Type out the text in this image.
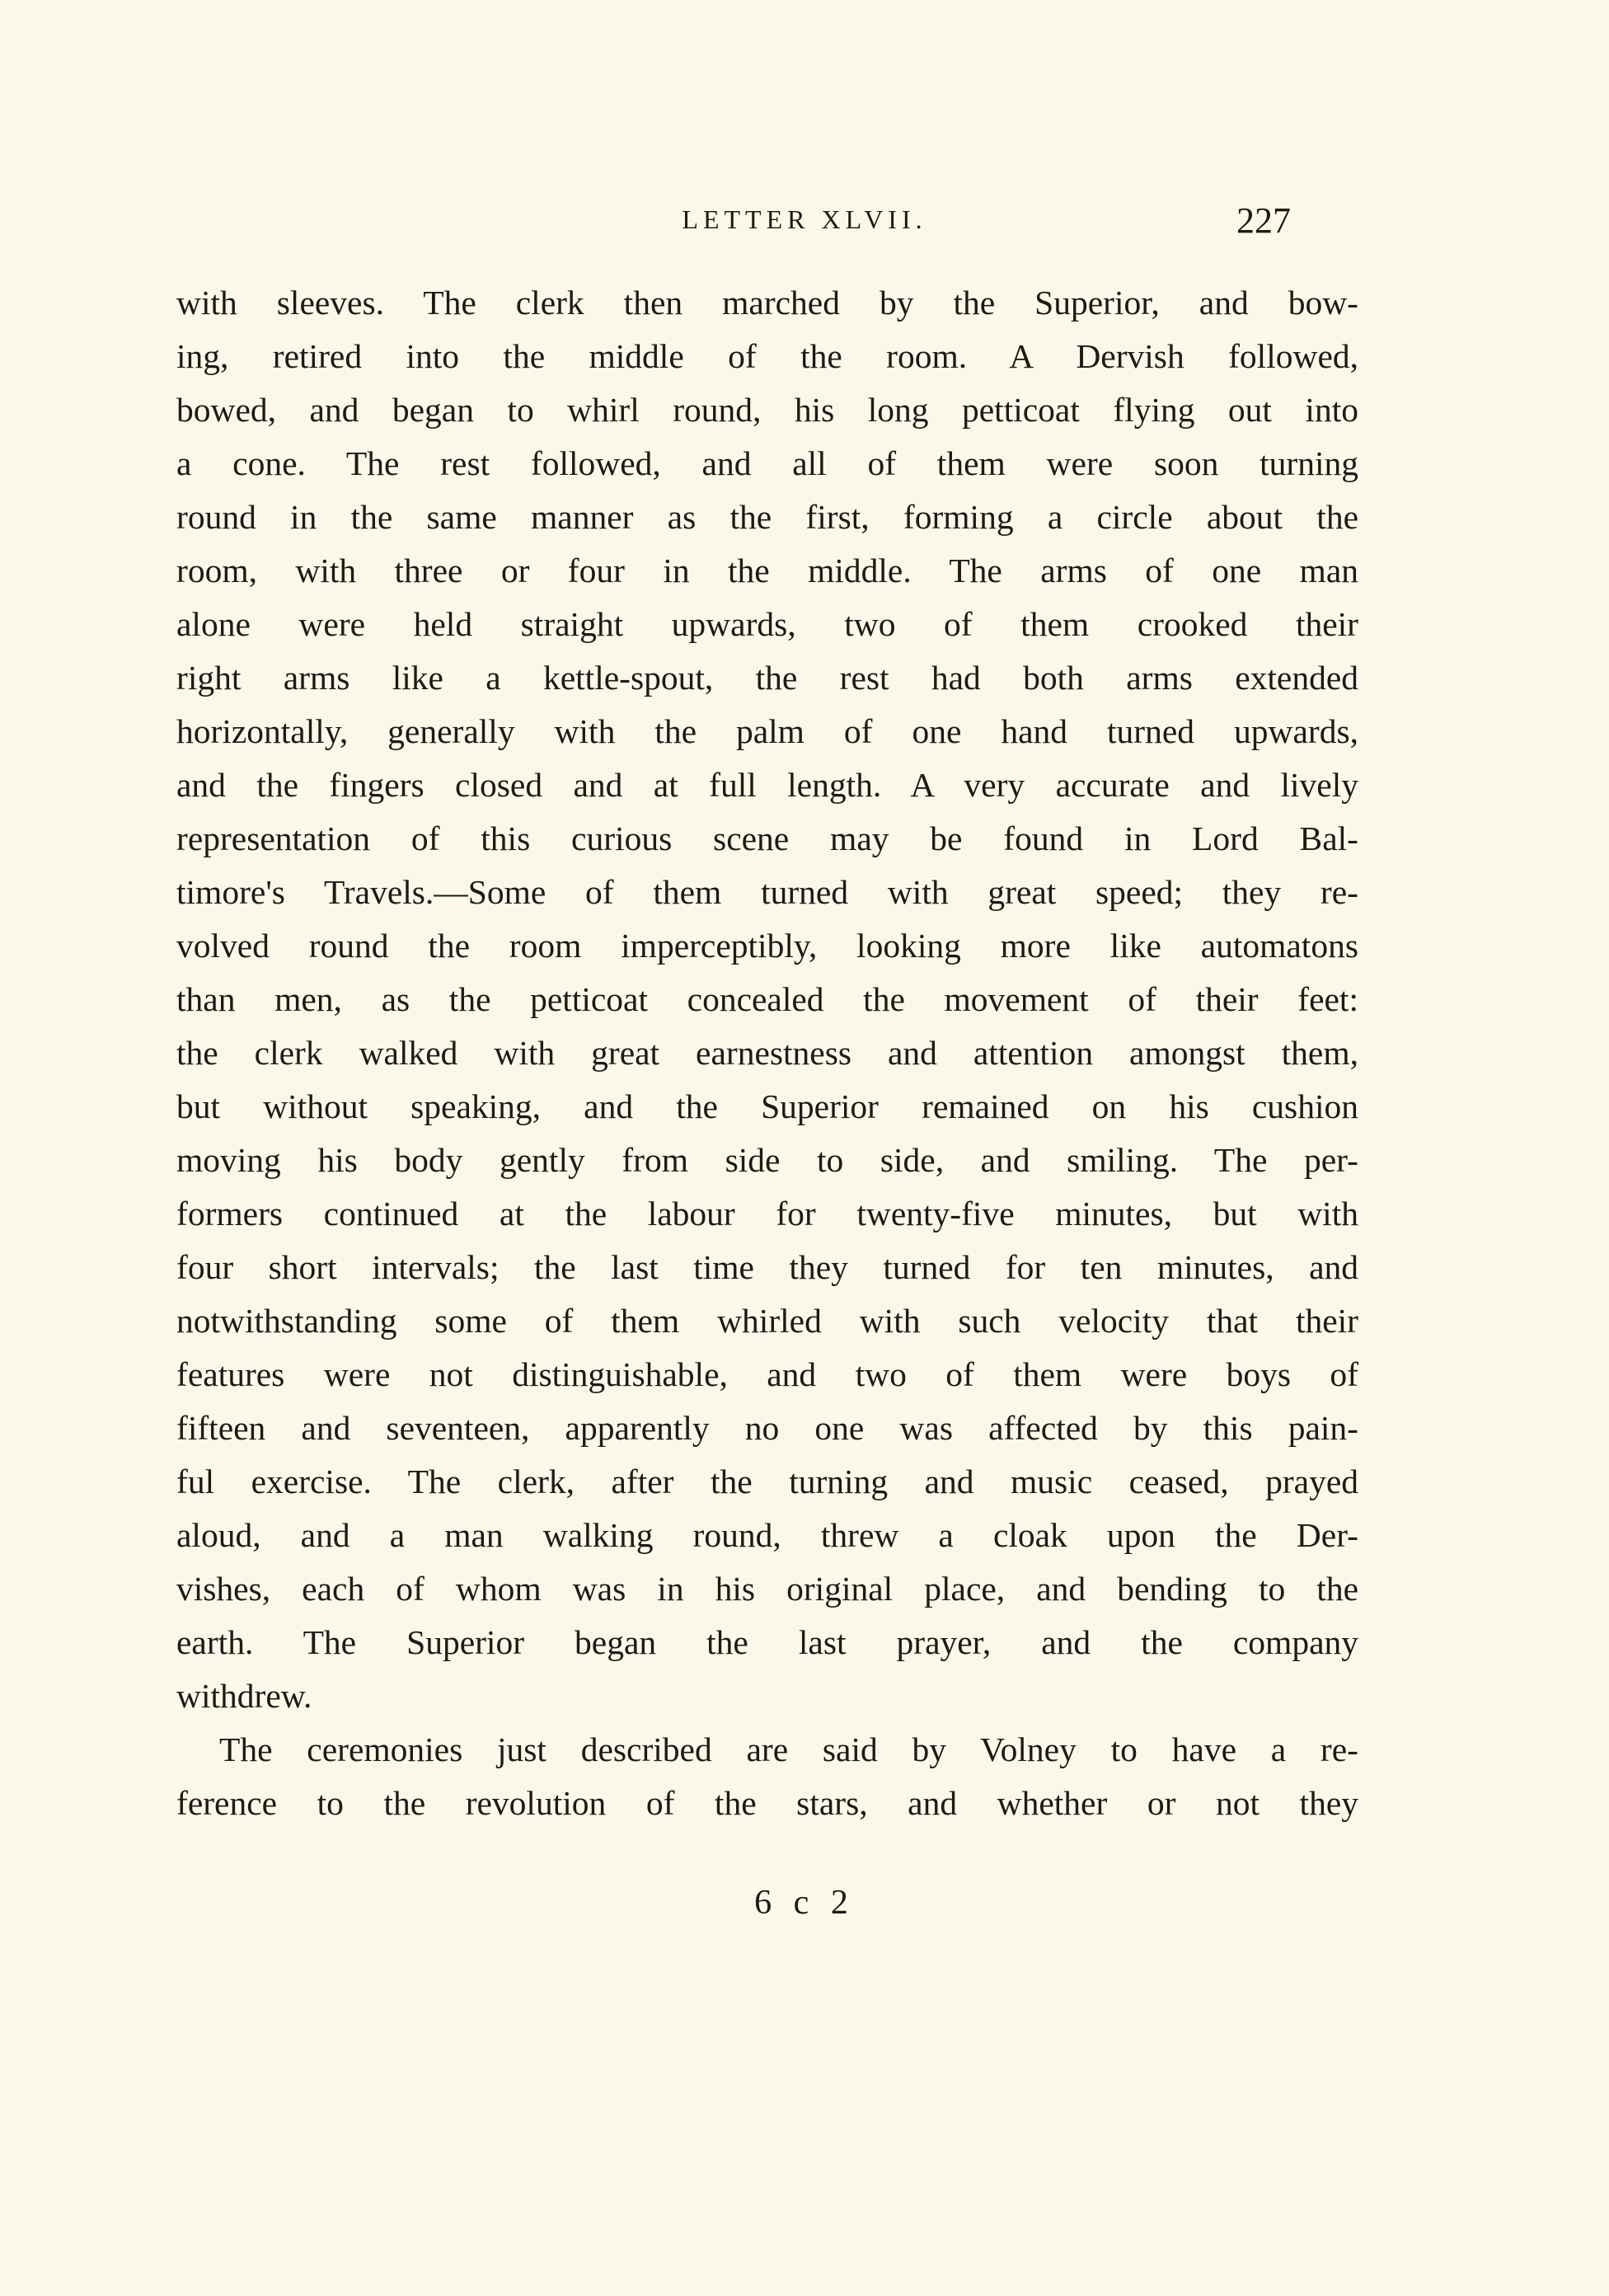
LETTER XLVII.	227
with sleeves. The clerk then marched by the Superior, and bow-
ing, retired into the middle of the room. A Dervish followed,
bowed, and began to whirl round, his long petticoat flying out into
a cone. The rest followed, and all of them were soon turning
round in the same manner as the first, forming a circle about the
room, with three or four in the middle. The arms of one man
alone were held straight upwards, two of them crooked their
right arms like a kettle-spout, the rest had both arms extended
horizontally, generally with the palm of one hand turned upwards,
and the fingers closed and at full length. A very accurate and lively
representation of this curious scene may be found in Lord Bal-
timore's Travels.—Some of them turned with great speed; they re-
volved round the room imperceptibly, looking more like automatons
than men, as the petticoat concealed the movement of their feet:
the clerk walked with great earnestness and attention amongst them,
but without speaking, and the Superior remained on his cushion
moving his body gently from side to side, and smiling. The per-
formers continued at the labour for twenty-five minutes, but with
four short intervals; the last time they turned for ten minutes, and
notwithstanding some of them whirled with such velocity that their
features were not distinguishable, and two of them were boys of
fifteen and seventeen, apparently no one was affected by this pain-
ful exercise. The clerk, after the turning and music ceased, prayed
aloud, and a man walking round, threw a cloak upon the Der-
vishes, each of whom was in his original place, and bending to the
earth. The Superior began the last prayer, and the company
withdrew.
The ceremonies just described are said by Volney to have a re-
ference to the revolution of the stars, and whether or not they
6 c 2
